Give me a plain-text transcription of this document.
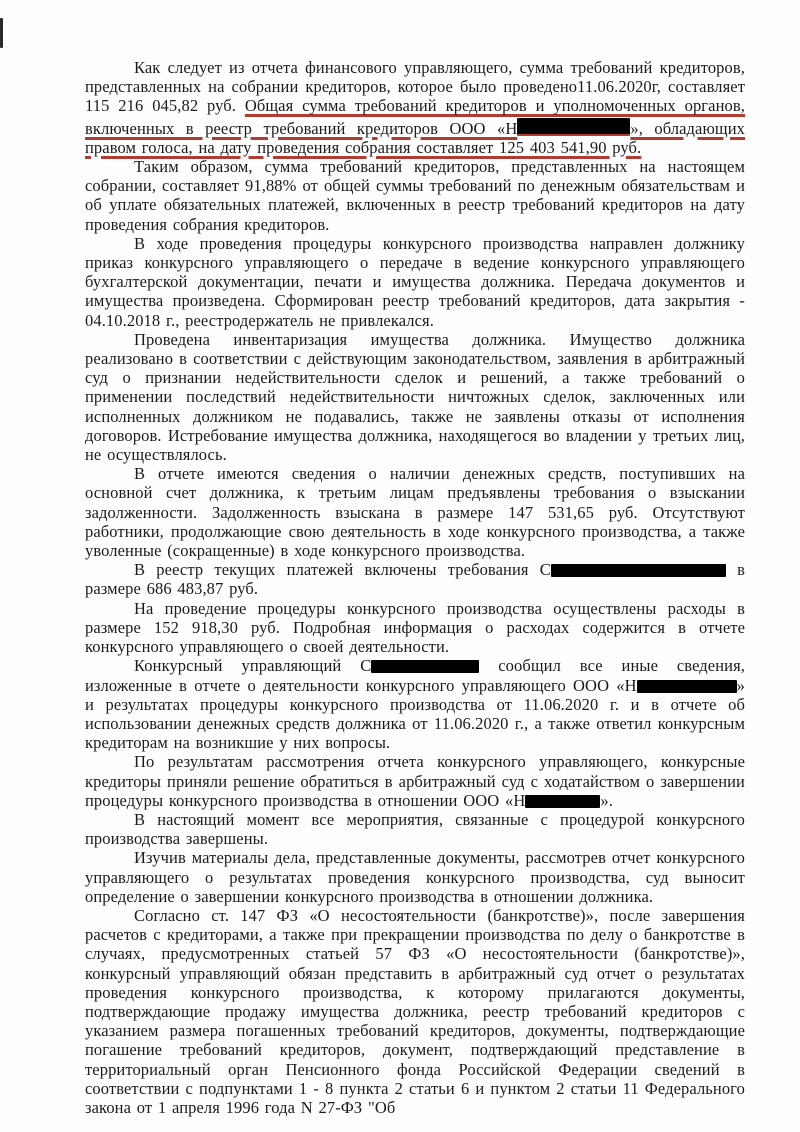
Как следует из отчета финансового управляющего, сумма требований кредиторов, представленных на собрании кредиторов, которое было проведено11.06.2020г, составляет 115 216 045,82 руб. Общая сумма требований кредиторов и уполномоченных органов, включенных в реестр требований кредиторов ООО «Н	», обладающих правом голоса, на дату проведения собрания составляет 125 403 541,90 руб.

Таким образом, сумма требований кредиторов, представленных на настоящем собрании, составляет 91,88% от общей суммы требований по денежным обязательствам и об уплате обязательных платежей, включенных в реестр требований кредиторов на дату проведения собрания кредиторов.

В ходе проведения процедуры конкурсного производства направлен должнику приказ конкурсного управляющего о передаче в ведение конкурсного управляющего бухгалтерской документации, печати и имущества должника. Передача документов и имущества произведена. Сформирован реестр требований кредиторов, дата закрытия - 04.10.2018 г., реестродержатель не привлекался.

Проведена инвентаризация имущества должника. Имущество должника реализовано в соответствии с действующим законодательством, заявления в арбитражный суд о признании недействительности сделок и решений, а также требований о применении последствий недействительности ничтожных сделок, заключенных или исполненных должником не подавались, также не заявлены отказы от исполнения договоров. Истребование имущества должника, находящегося во владении у третьих лиц, не осуществлялось.

В отчете имеются сведения о наличии денежных средств, поступивших на основной счет должника, к третьим лицам предъявлены требования о взыскании задолженности. Задолженность взыскана в размере 147 531,65 руб. Отсутствуют работники, продолжающие свою деятельность в ходе конкурсного производства, а также уволенные (сокращенные) в ходе конкурсного производства.

В реестр текущих платежей включены требования С	в размере 686 483,87 руб.

На проведение процедуры конкурсного производства осуществлены расходы в размере 152 918,30 руб. Подробная информация о расходах содержится в отчете конкурсного управляющего о своей деятельности.

Конкурсный управляющий С	сообщил все иные сведения, изложенные в отчете о деятельности конкурсного управляющего ООО «Н	» и результатах процедуры конкурсного производства от 11.06.2020 г. и в отчете об использовании денежных средств должника от 11.06.2020 г., а также ответил конкурсным кредиторам на возникшие у них вопросы.

По результатам рассмотрения отчета конкурсного управляющего, конкурсные кредиторы приняли решение обратиться в арбитражный суд с ходатайством о завершении процедуры конкурсного производства в отношении ООО «Н	».

В настоящий момент все мероприятия, связанные с процедурой конкурсного производства завершены.

Изучив материалы дела, представленные документы, рассмотрев отчет конкурсного управляющего о результатах проведения конкурсного производства, суд выносит определение о завершении конкурсного производства в отношении должника.

Согласно ст. 147 ФЗ «О несостоятельности (банкротстве)», после завершения расчетов с кредиторами, а также при прекращении производства по делу о банкротстве в случаях, предусмотренных статьей 57 ФЗ «О несостоятельности (банкротстве)», конкурсный управляющий обязан представить в арбитражный суд отчет о результатах проведения конкурсного производства, к которому прилагаются документы, подтверждающие продажу имущества должника, реестр требований кредиторов с указанием размера погашенных требований кредиторов, документы, подтверждающие погашение требований кредиторов, документ, подтверждающий представление в территориальный орган Пенсионного фонда Российской Федерации сведений в соответствии с подпунктами 1 - 8 пункта 2 статьи 6 и пунктом 2 статьи 11 Федерального закона от 1 апреля 1996 года N 27-ФЗ "Об
